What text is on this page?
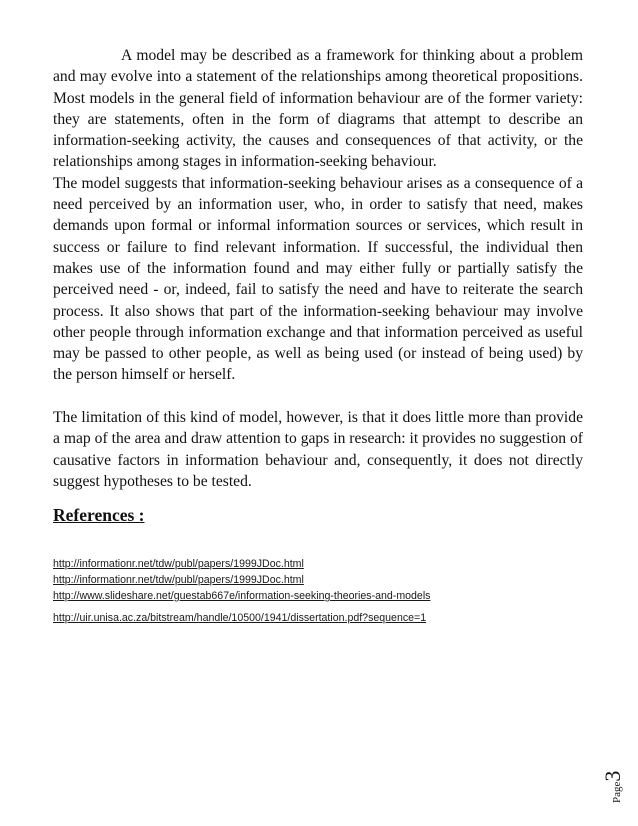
A model may be described as a framework for thinking about a problem and may evolve into a statement of the relationships among theoretical propositions. Most models in the general field of information behaviour are of the former variety: they are statements, often in the form of diagrams that attempt to describe an information-seeking activity, the causes and consequences of that activity, or the relationships among stages in information-seeking behaviour.

The model suggests that information-seeking behaviour arises as a consequence of a need perceived by an information user, who, in order to satisfy that need, makes demands upon formal or informal information sources or services, which result in success or failure to find relevant information. If successful, the individual then makes use of the information found and may either fully or partially satisfy the perceived need - or, indeed, fail to satisfy the need and have to reiterate the search process. It also shows that part of the information-seeking behaviour may involve other people through information exchange and that information perceived as useful may be passed to other people, as well as being used (or instead of being used) by the person himself or herself.

The limitation of this kind of model, however, is that it does little more than provide a map of the area and draw attention to gaps in research: it provides no suggestion of causative factors in information behaviour and, consequently, it does not directly suggest hypotheses to be tested.

References :
http://informationr.net/tdw/publ/papers/1999JDoc.html
http://informationr.net/tdw/publ/papers/1999JDoc.html
http://www.slideshare.net/guestab667e/information-seeking-theories-and-models
http://uir.unisa.ac.za/bitstream/handle/10500/1941/dissertation.pdf?sequence=1
Page3
